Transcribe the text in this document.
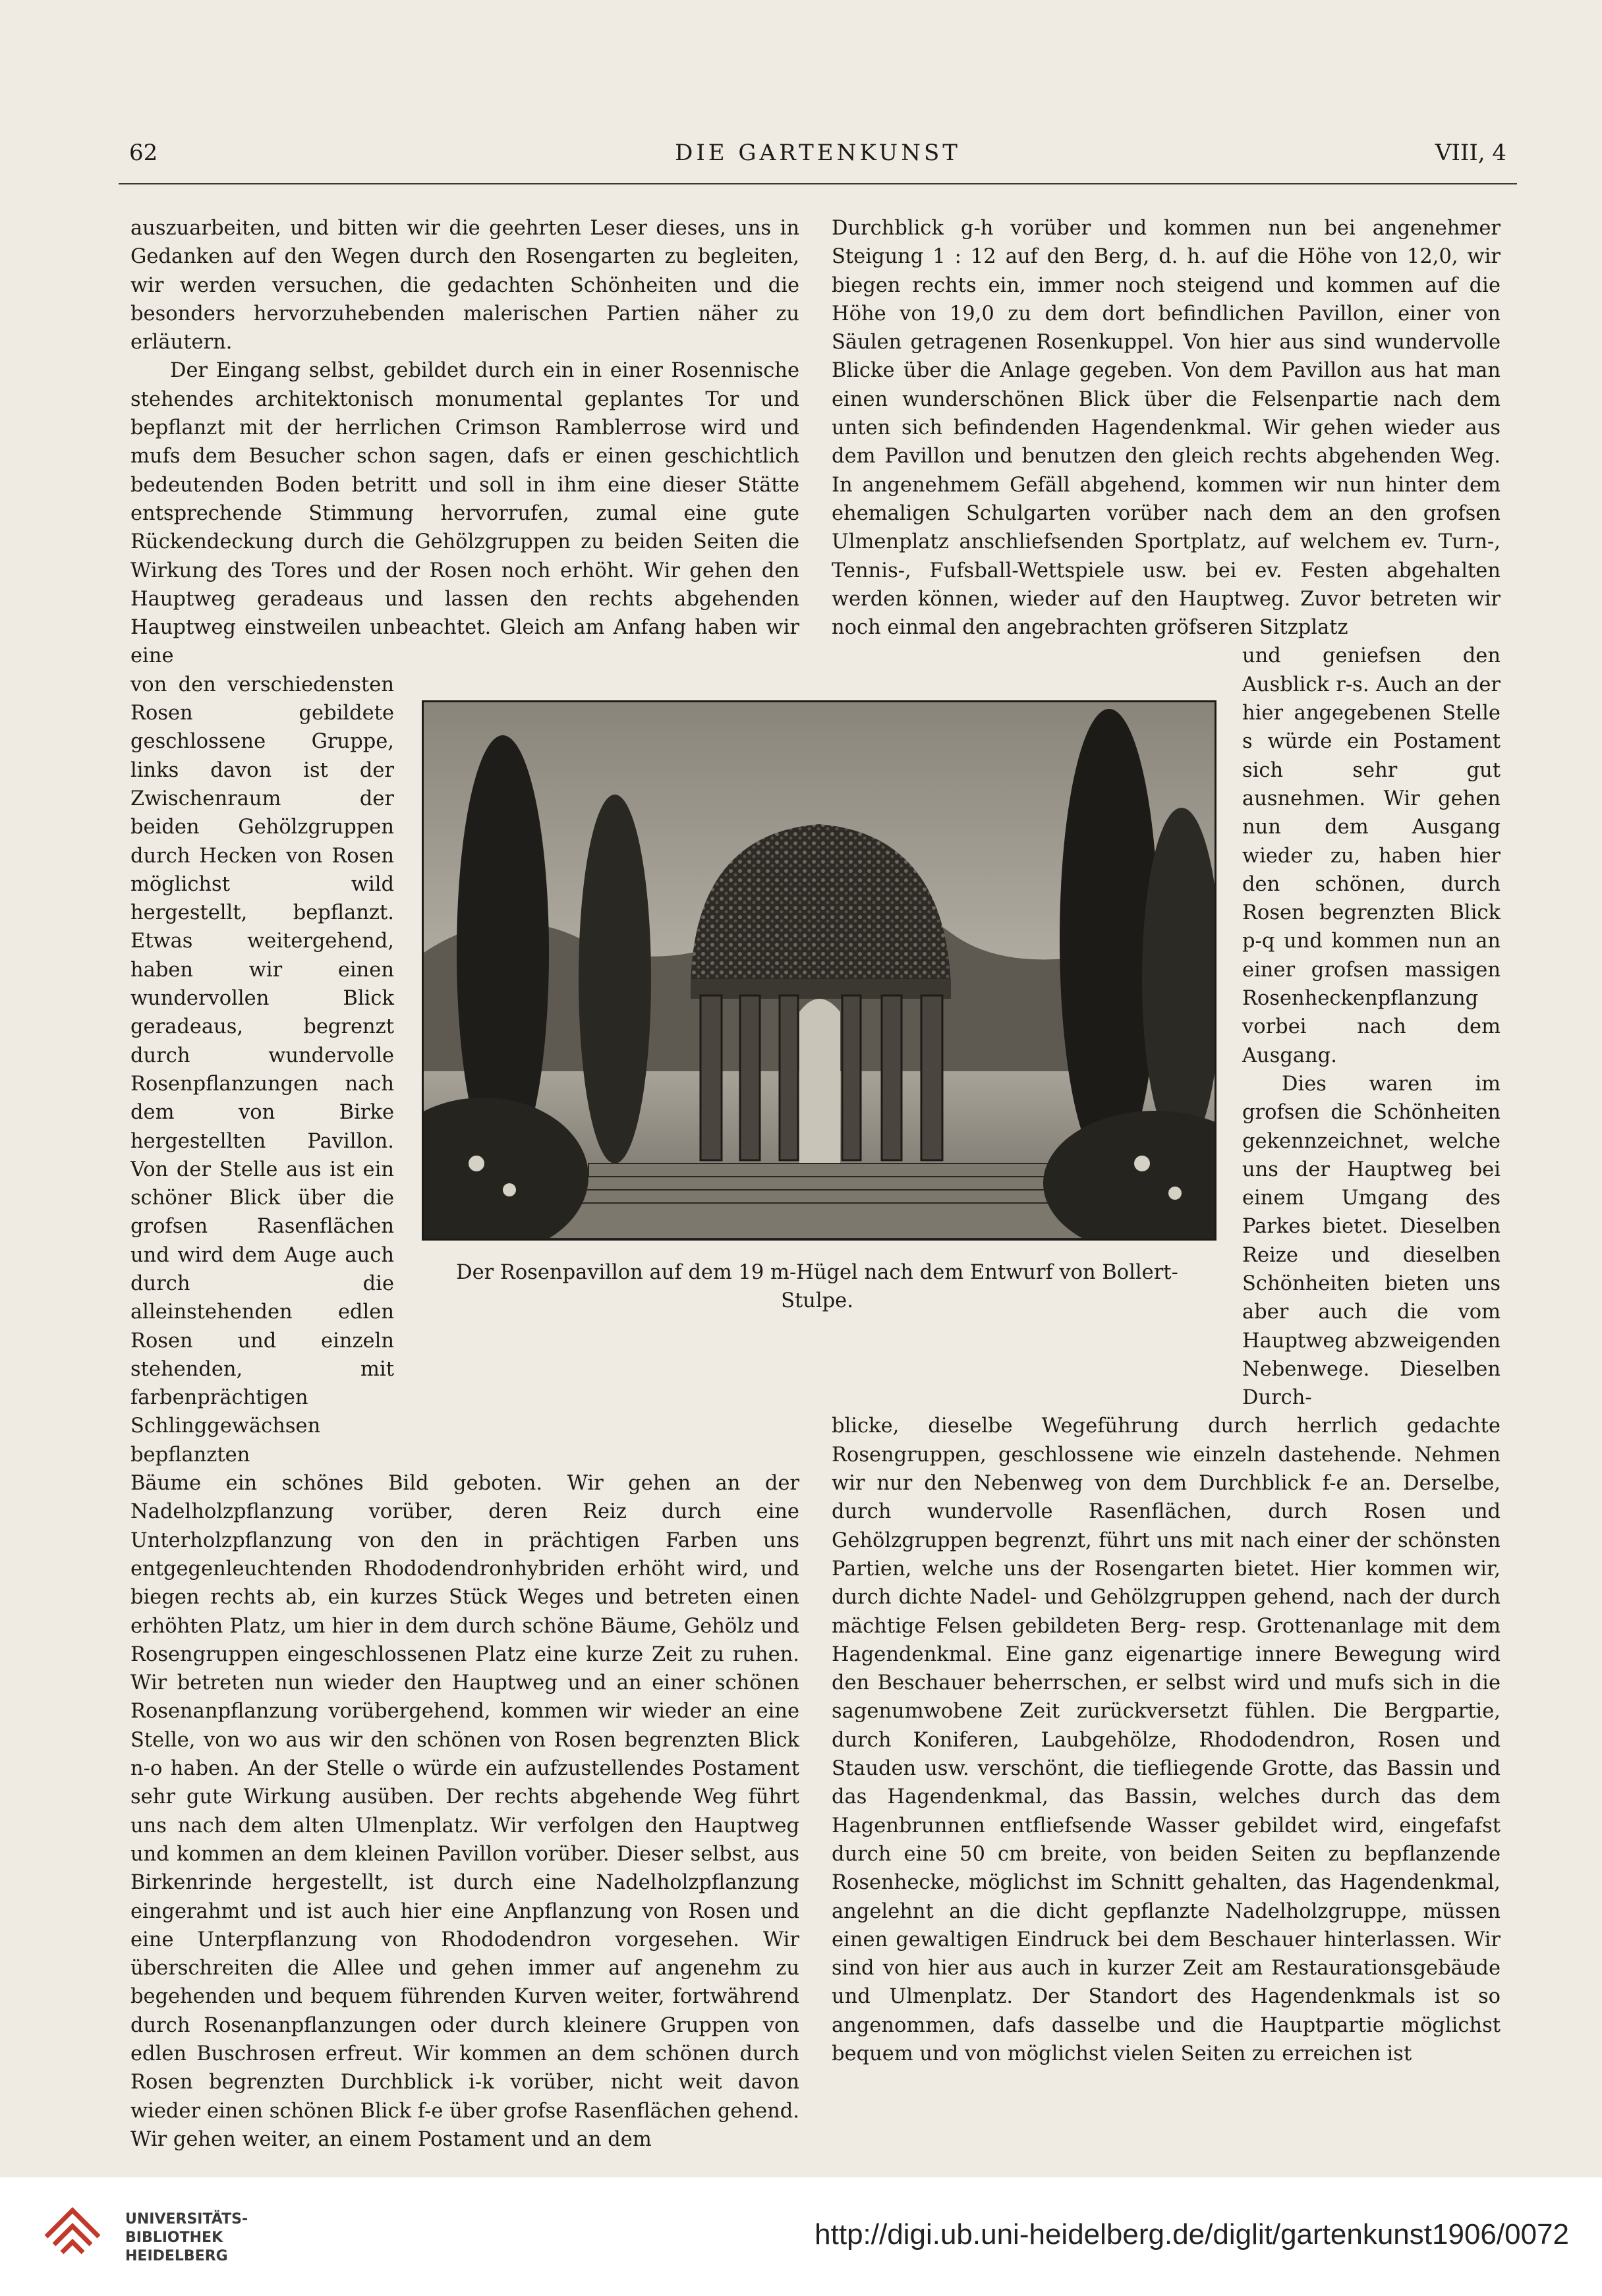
62	DIE GARTENKUNST	VIII, 4

auszuarbeiten, und bitten wir die geehrten Leser dieses, uns in Gedanken auf den Wegen durch den Rosengarten zu begleiten, wir werden versuchen, die gedachten Schönheiten und die besonders hervorzuhebenden malerischen Partien näher zu erläutern.

Der Eingang selbst, gebildet durch ein in einer Rosennische stehendes architektonisch monumental geplantes Tor und bepflanzt mit der herrlichen Crimson Ramblerrose wird und mufs dem Besucher schon sagen, dafs er einen geschichtlich bedeutenden Boden betritt und soll in ihm eine dieser Stätte entsprechende Stimmung hervorrufen, zumal eine gute Rückendeckung durch die Gehölzgruppen zu beiden Seiten die Wirkung des Tores und der Rosen noch erhöht. Wir gehen den Hauptweg geradeaus und lassen den rechts abgehenden Hauptweg einstweilen unbeachtet. Gleich am Anfang haben wir eine

von den verschiedensten Rosen gebildete geschlossene Gruppe, links davon ist der Zwischenraum der beiden Gehölzgruppen durch Hecken von Rosen möglichst wild hergestellt, bepflanzt. Etwas weitergehend, haben wir einen wundervollen Blick geradeaus, begrenzt durch wundervolle Rosenpflanzungen nach dem von Birke hergestellten Pavillon. Von der Stelle aus ist ein schöner Blick über die grofsen Rasenflächen und wird dem Auge auch durch die alleinstehenden edlen Rosen und einzeln stehenden, mit farbenprächtigen Schlinggewächsen bepflanzten

Bäume ein schönes Bild geboten. Wir gehen an der Nadelholzpflanzung vorüber, deren Reiz durch eine Unterholzpflanzung von den in prächtigen Farben uns entgegenleuchtenden Rhododendronhybriden erhöht wird, und biegen rechts ab, ein kurzes Stück Weges und betreten einen erhöhten Platz, um hier in dem durch schöne Bäume, Gehölz und Rosengruppen eingeschlossenen Platz eine kurze Zeit zu ruhen. Wir betreten nun wieder den Hauptweg und an einer schönen Rosenanpflanzung vorübergehend, kommen wir wieder an eine Stelle, von wo aus wir den schönen von Rosen begrenzten Blick n-o haben. An der Stelle o würde ein aufzustellendes Postament sehr gute Wirkung ausüben. Der rechts abgehende Weg führt uns nach dem alten Ulmenplatz. Wir verfolgen den Hauptweg und kommen an dem kleinen Pavillon vorüber. Dieser selbst, aus Birkenrinde hergestellt, ist durch eine Nadelholzpflanzung eingerahmt und ist auch hier eine Anpflanzung von Rosen und eine Unterpflanzung von Rhododendron vorgesehen. Wir überschreiten die Allee und gehen immer auf angenehm zu begehenden und bequem führenden Kurven weiter, fortwährend durch Rosenanpflanzungen oder durch kleinere Gruppen von edlen Buschrosen erfreut. Wir kommen an dem schönen durch Rosen begrenzten Durchblick i-k vorüber, nicht weit davon wieder einen schönen Blick f-e über grofse Rasenflächen gehend. Wir gehen weiter, an einem Postament und an dem

Durchblick g-h vorüber und kommen nun bei angenehmer Steigung 1 : 12 auf den Berg, d. h. auf die Höhe von 12,0, wir biegen rechts ein, immer noch steigend und kommen auf die Höhe von 19,0 zu dem dort befindlichen Pavillon, einer von Säulen getragenen Rosenkuppel. Von hier aus sind wundervolle Blicke über die Anlage gegeben. Von dem Pavillon aus hat man einen wunderschönen Blick über die Felsenpartie nach dem unten sich befindenden Hagendenkmal. Wir gehen wieder aus dem Pavillon und benutzen den gleich rechts abgehenden Weg. In angenehmem Gefäll abgehend, kommen wir nun hinter dem ehemaligen Schulgarten vorüber nach dem an den grofsen Ulmenplatz anschliefsenden Sportplatz, auf welchem ev. Turn-, Tennis-, Fufsball-Wettspiele usw. bei ev. Festen abgehalten werden können, wieder auf den Hauptweg. Zuvor betreten wir noch einmal den angebrachten gröfseren Sitzplatz

und geniefsen den Ausblick r-s. Auch an der hier angegebenen Stelle s würde ein Postament sich sehr gut ausnehmen. Wir gehen nun dem Ausgang wieder zu, haben hier den schönen, durch Rosen begrenzten Blick p-q und kommen nun an einer grofsen massigen Rosenheckenpflanzung vorbei nach dem Ausgang.

Dies waren im grofsen die Schönheiten gekennzeichnet, welche uns der Hauptweg bei einem Umgang des Parkes bietet. Dieselben Reize und dieselben Schönheiten bieten uns aber auch die vom Hauptweg abzweigenden Nebenwege. Dieselben Durch-

blicke, dieselbe Wegeführung durch herrlich gedachte Rosengruppen, geschlossene wie einzeln dastehende. Nehmen wir nur den Nebenweg von dem Durchblick f-e an. Derselbe, durch wundervolle Rasenflächen, durch Rosen und Gehölzgruppen begrenzt, führt uns mit nach einer der schönsten Partien, welche uns der Rosengarten bietet. Hier kommen wir, durch dichte Nadel- und Gehölzgruppen gehend, nach der durch mächtige Felsen gebildeten Berg- resp. Grottenanlage mit dem Hagendenkmal. Eine ganz eigenartige innere Bewegung wird den Beschauer beherrschen, er selbst wird und mufs sich in die sagenumwobene Zeit zurückversetzt fühlen. Die Bergpartie, durch Koniferen, Laubgehölze, Rhododendron, Rosen und Stauden usw. verschönt, die tiefliegende Grotte, das Bassin und das Hagendenkmal, das Bassin, welches durch das dem Hagenbrunnen entfliefsende Wasser gebildet wird, eingefafst durch eine 50 cm breite, von beiden Seiten zu bepflanzende Rosenhecke, möglichst im Schnitt gehalten, das Hagendenkmal, angelehnt an die dicht gepflanzte Nadelholzgruppe, müssen einen gewaltigen Eindruck bei dem Beschauer hinterlassen. Wir sind von hier aus auch in kurzer Zeit am Restaurationsgebäude und Ulmenplatz. Der Standort des Hagendenkmals ist so angenommen, dafs dasselbe und die Hauptpartie möglichst bequem und von möglichst vielen Seiten zu erreichen ist

Der Rosenpavillon auf dem 19 m-Hügel nach dem Entwurf von Bollert-Stulpe.
UNIVERSITÄTS-
BIBLIOTHEK
HEIDELBERG
http://digi.ub.uni-heidelberg.de/diglit/gartenkunst1906/0072
